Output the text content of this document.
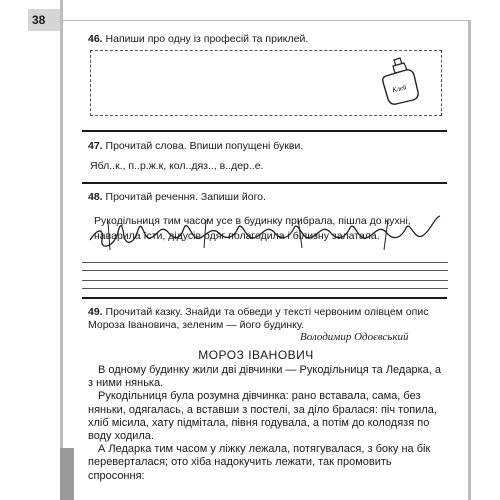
38
46. Напиши про одну із професій та приклей.
Клей
47. Прочитай слова. Впиши попущені букви.
Ябл..к., п..р.ж.к, кол..дяз.., в..дер..е.
48. Прочитай речення. Запиши його.
Рукодільниця тим часом усе в будинку прибрала, пішла до кухні,
наварила їсти, дідусів одяг полагодила і білизну залатала.
49. Прочитай казку. Знайди та обведи у тексті червоним олівцем опис Мороза Івановича, зеленим — його будинку.
Володимир Одоєвський
МОРОЗ ІВАНОВИЧ

В одному будинку жили дві дівчинки — Рукодільниця та Ледарка, а з ними нянька.

Рукодільниця була розумна дівчинка: рано вставала, сама, без няньки, одягалась, а вставши з постелі, за діло бралася: піч топила, хліб місила, хату підмітала, півня годувала, а потім до колодязя по воду ходила.

А Ледарка тим часом у ліжку лежала, потягувалася, з боку на бік переверталася; ото хіба надокучить лежати, так промовить спросоння:
